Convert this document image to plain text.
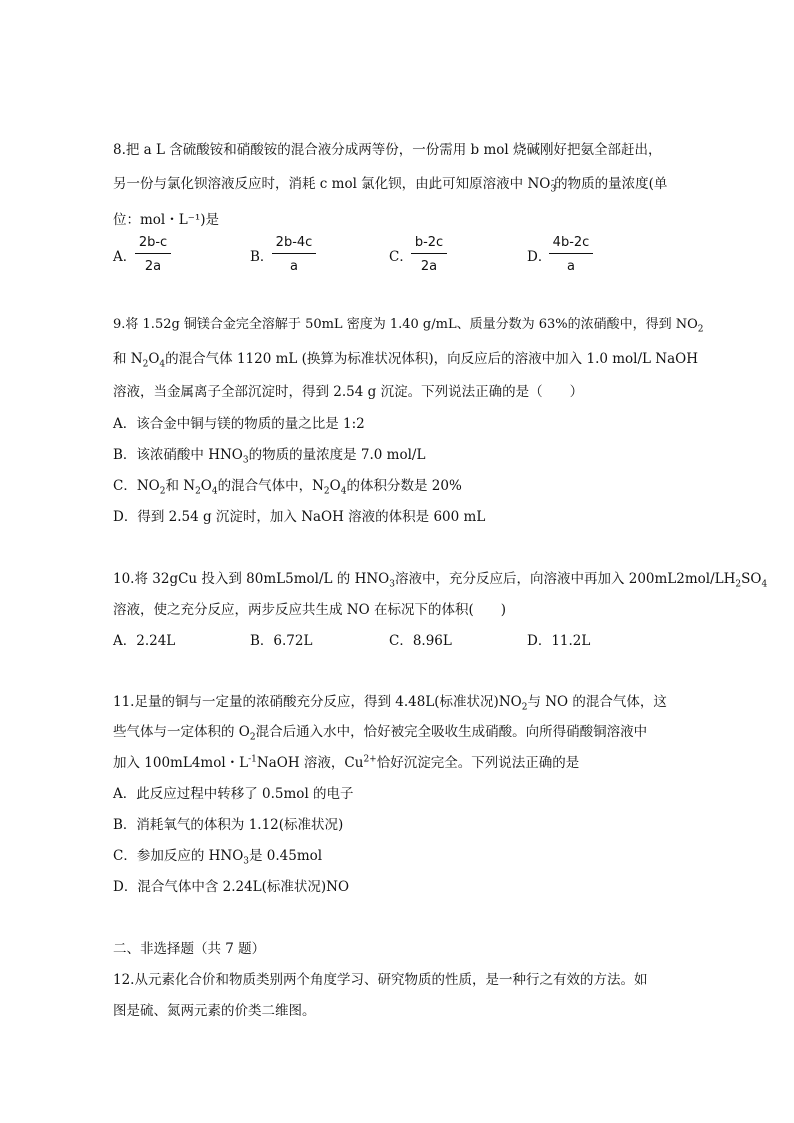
8.把 a L 含硫酸铵和硝酸铵的混合液分成两等份，一份需用 b mol 烧碱刚好把氨全部赶出，
另一份与氯化钡溶液反应时，消耗 c mol 氯化钡，由此可知原溶液中 $NO_3^-$的物质的量浓度(单
位：mol・L⁻¹)是
A．
2b-c
2a
B．
2b-4c
a
C．
b-2c
2a
D．
4b-2c
a
9.将 1.52g 铜镁合金完全溶解于 50mL 密度为 1.40 g/mL、质量分数为 63%的浓硝酸中，得到 $NO_2$
和 $N_2O_4$的混合气体 1120 mL (换算为标准状况体积)，向反应后的溶液中加入 1.0 mol/L NaOH
溶液，当金属离子全部沉淀时，得到 2.54 g 沉淀。下列说法正确的是（　　）
A．该合金中铜与镁的物质的量之比是 1:2
B．该浓硝酸中 $HNO_3$的物质的量浓度是 7.0 mol/L
C．$NO_2$和 $N_2O_4$的混合气体中，$N_2O_4$的体积分数是 20%
D．得到 2.54 g 沉淀时，加入 NaOH 溶液的体积是 600 mL
10.将 32gCu 投入到 80mL5mol/L 的 $HNO_3$溶液中，充分反应后，向溶液中再加入 $200mL2mol/LH_2SO_4$
溶液，使之充分反应，两步反应共生成 NO 在标况下的体积(　　)
A．2.24L	B．6.72L	C．8.96L	D．11.2L
11.足量的铜与一定量的浓硝酸充分反应，得到 4.48L(标准状况)$NO_2$与 NO 的混合气体，这
些气体与一定体积的 $O_2$混合后通入水中，恰好被完全吸收生成硝酸。向所得硝酸铜溶液中
加入 100mL4mol・$L^{-1}NaOH$ 溶液，$Cu^{2+}$恰好沉淀完全。下列说法正确的是
A．此反应过程中转移了 0.5mol 的电子
B．消耗氧气的体积为 1.12(标准状况)
C．参加反应的 $HNO_3$是 0.45mol
D．混合气体中含 2.24L(标准状况)NO
二、非选择题（共 7 题）
12.从元素化合价和物质类别两个角度学习、研究物质的性质，是一种行之有效的方法。如
图是硫、氮两元素的价类二维图。
